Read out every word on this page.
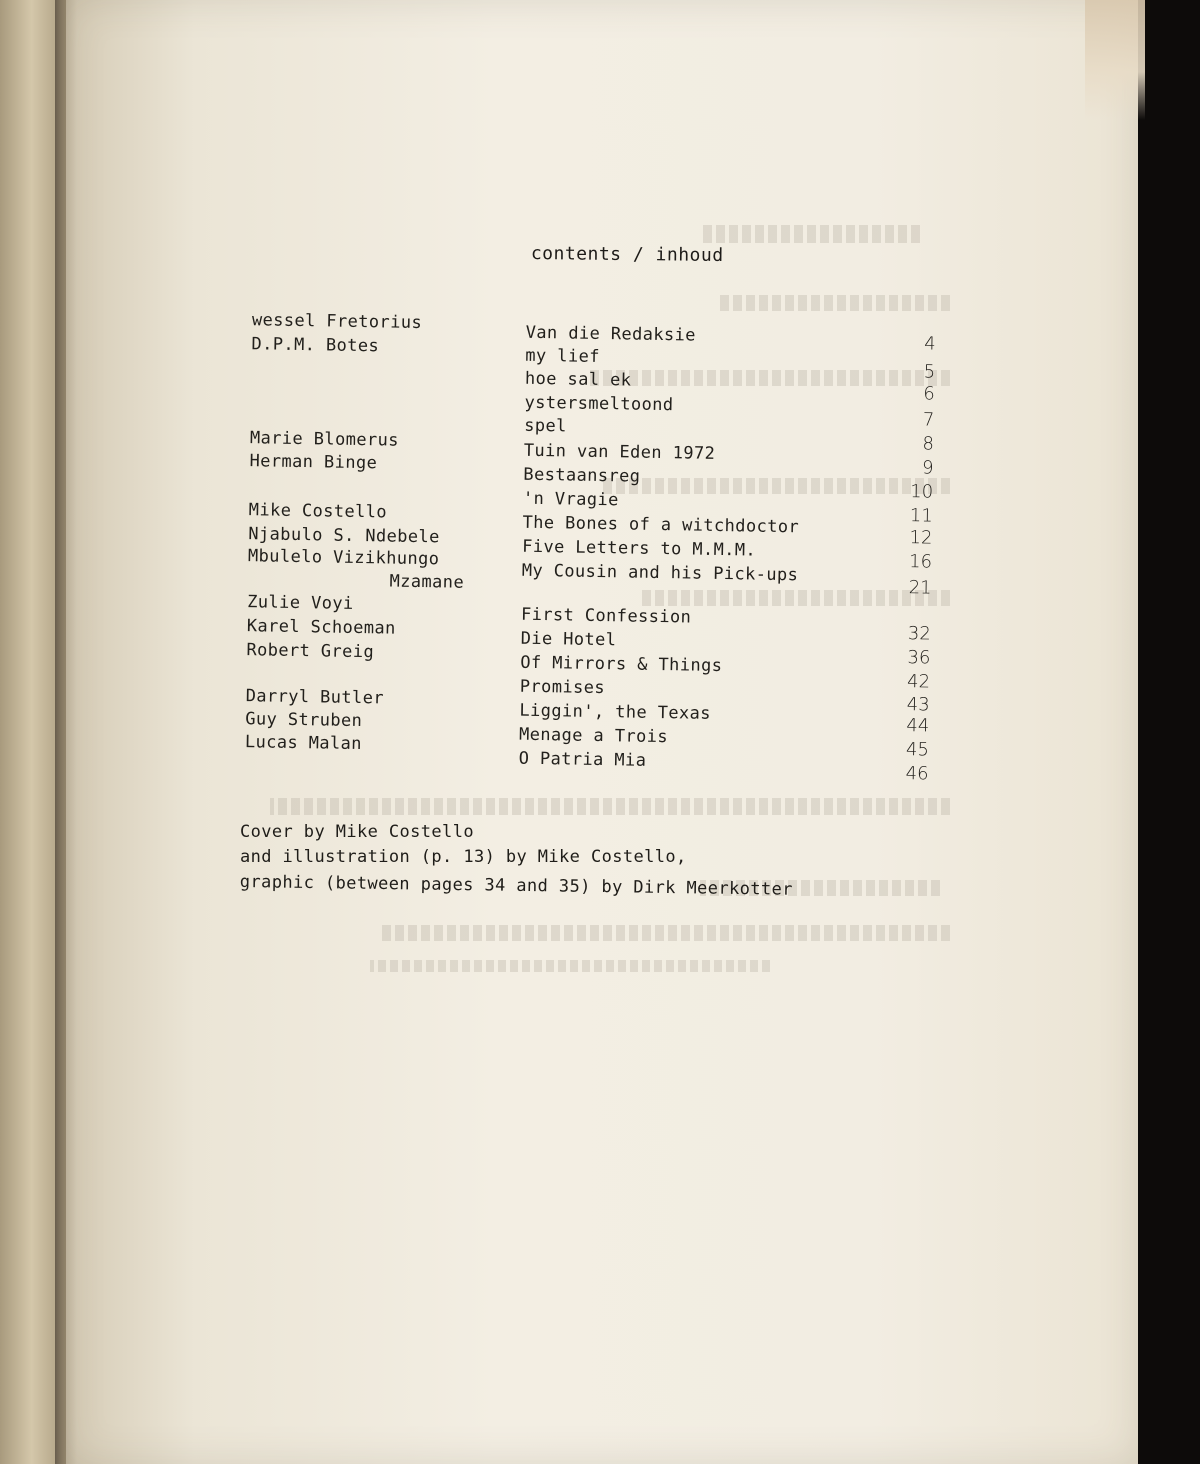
contents / inhoud
wessel Fretorius
Van die Redaksie	4
D.P.M. Botes
my lief
5
hoe sal ek
6
ystersmeltoond
7
spel
8
Marie Blomerus
Tuin van Eden 1972
9
Herman Binge
Bestaansreg
10
'n Vragie
11
Mike Costello
The Bones of a witchdoctor
12
Njabulo S. Ndebele
Five Letters to M.M.M.
16
Mbulelo Vizikhungo
My Cousin and his Pick-ups
21
Mzamane
Zulie Voyi
First Confession
32
Karel Schoeman
Die Hotel
36
Robert Greig
Of Mirrors & Things
42
Promises
43
Darryl Butler
Liggin', the Texas
44
Guy Struben
Menage a Trois
45
Lucas Malan
O Patria Mia
46
Cover by Mike Costello
and illustration (p. 13) by Mike Costello,
graphic (between pages 34 and 35) by Dirk Meerkotter
